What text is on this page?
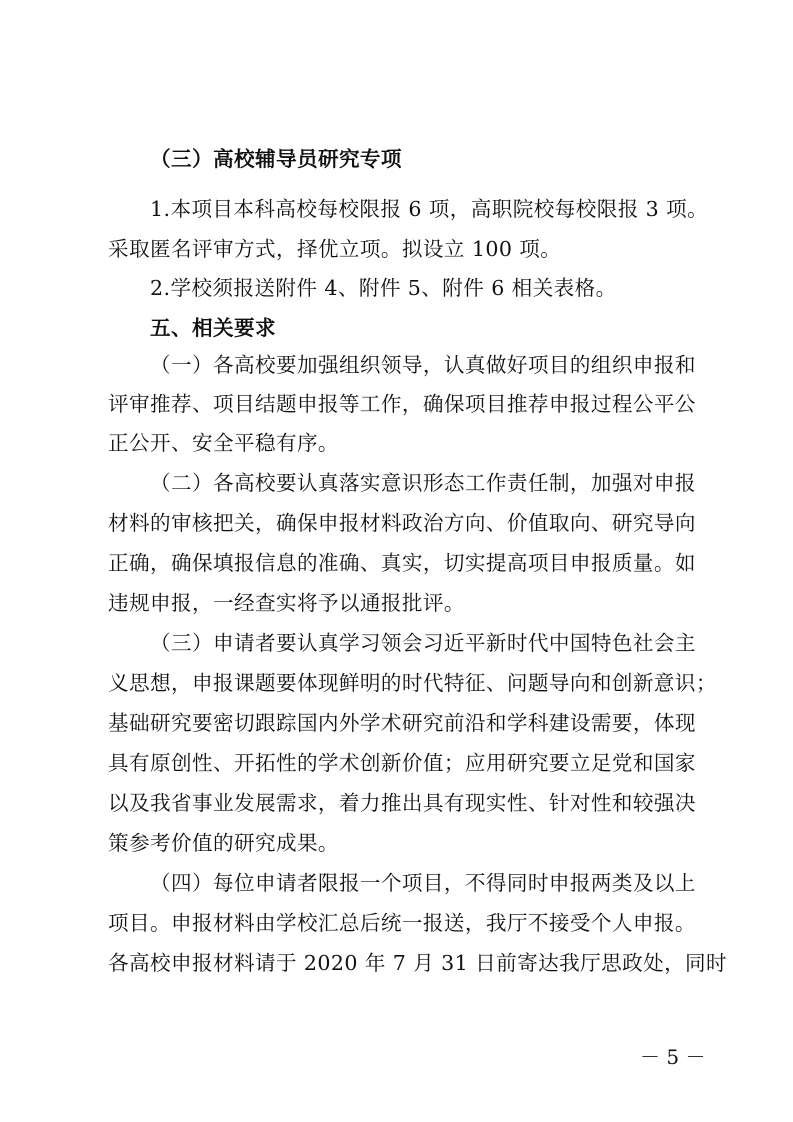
（三）高校辅导员研究专项
1.本项目本科高校每校限报 6 项，高职院校每校限报 3 项。
采取匿名评审方式，择优立项。拟设立 100 项。
2.学校须报送附件 4、附件 5、附件 6 相关表格。
五、相关要求
（一）各高校要加强组织领导，认真做好项目的组织申报和
评审推荐、项目结题申报等工作，确保项目推荐申报过程公平公
正公开、安全平稳有序。
（二）各高校要认真落实意识形态工作责任制，加强对申报
材料的审核把关，确保申报材料政治方向、价值取向、研究导向
正确，确保填报信息的准确、真实，切实提高项目申报质量。如
违规申报，一经查实将予以通报批评。
（三）申请者要认真学习领会习近平新时代中国特色社会主
义思想，申报课题要体现鲜明的时代特征、问题导向和创新意识；
基础研究要密切跟踪国内外学术研究前沿和学科建设需要，体现
具有原创性、开拓性的学术创新价值；应用研究要立足党和国家
以及我省事业发展需求，着力推出具有现实性、针对性和较强决
策参考价值的研究成果。
（四）每位申请者限报一个项目，不得同时申报两类及以上
项目。申报材料由学校汇总后统一报送，我厅不接受个人申报。
各高校申报材料请于 2020 年 7 月 31 日前寄达我厅思政处，同时
－ 5 －
